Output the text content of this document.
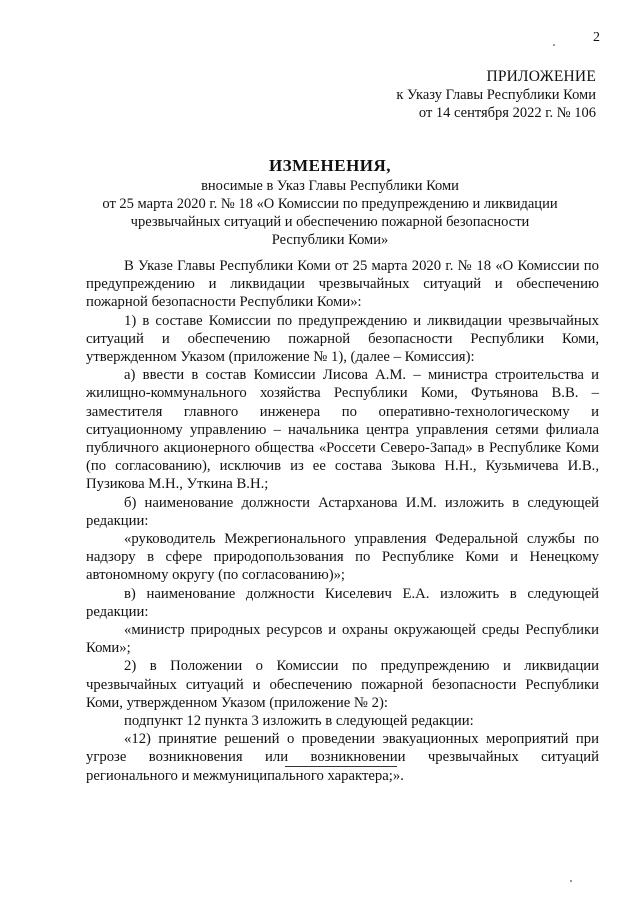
2
ПРИЛОЖЕНИЕ
к Указу Главы Республики Коми
от 14 сентября 2022 г. № 106
ИЗМЕНЕНИЯ,
вносимые в Указ Главы Республики Коми
от 25 марта 2020 г. № 18 «О Комиссии по предупреждению и ликвидации
чрезвычайных ситуаций и обеспечению пожарной безопасности
Республики Коми»

В Указе Главы Республики Коми от 25 марта 2020 г. № 18 «О Комиссии по предупреждению и ликвидации чрезвычайных ситуаций и обеспечению пожарной безопасности Республики Коми»:

1) в составе Комиссии по предупреждению и ликвидации чрезвычайных ситуаций и обеспечению пожарной безопасности Республики Коми, утвержденном Указом (приложение № 1), (далее – Комиссия):

а) ввести в состав Комиссии Лисова А.М. – министра строительства и жилищно-коммунального хозяйства Республики Коми, Футьянова В.В. – заместителя главного инженера по оперативно-технологическому и ситуационному управлению – начальника центра управления сетями филиала публичного акционерного общества «Россети Северо-Запад» в Республике Коми (по согласованию), исключив из ее состава Зыкова Н.Н., Кузьмичева И.В., Пузикова М.Н., Уткина В.Н.;

б) наименование должности Астарханова И.М. изложить в следующей редакции:

«руководитель Межрегионального управления Федеральной службы по надзору в сфере природопользования по Республике Коми и Ненецкому автономному округу (по согласованию)»;

в) наименование должности Киселевич Е.А. изложить в следующей редакции:

«министр природных ресурсов и охраны окружающей среды Республики Коми»;

2) в Положении о Комиссии по предупреждению и ликвидации чрезвычайных ситуаций и обеспечению пожарной безопасности Республики Коми, утвержденном Указом (приложение № 2):

подпункт 12 пункта 3 изложить в следующей редакции:

«12) принятие решений о проведении эвакуационных мероприятий при угрозе возникновения или возникновении чрезвычайных ситуаций регионального и межмуниципального характера;».
